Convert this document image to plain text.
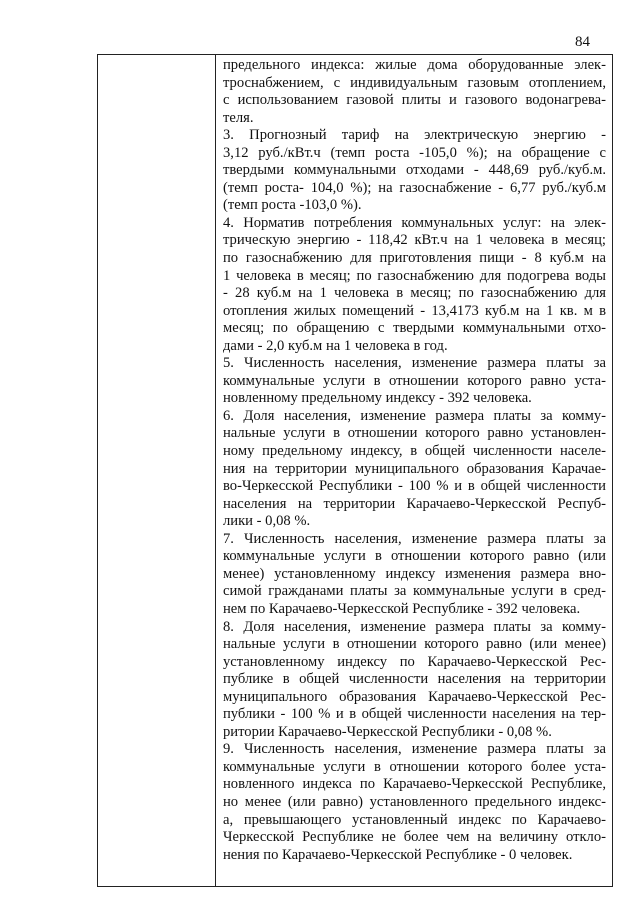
84
предельного индекса: жилые дома оборудованные элек-
троснабжением, с индивидуальным газовым отоплением,
с использованием газовой плиты и газового водонагрева-
теля.
3. Прогнозный тариф на электрическую энергию -
3,12 руб./кВт.ч (темп роста -105,0 %); на обращение с
твердыми коммунальными отходами - 448,69 руб./куб.м.
(темп роста- 104,0 %); на газоснабжение - 6,77 руб./куб.м
(темп роста -103,0 %).
4. Норматив потребления коммунальных услуг: на элек-
трическую энергию - 118,42 кВт.ч на 1 человека в месяц;
по газоснабжению для приготовления пищи - 8 куб.м на
1 человека в месяц; по газоснабжению для подогрева воды
- 28 куб.м на 1 человека в месяц; по газоснабжению для
отопления жилых помещений - 13,4173 куб.м на 1 кв. м в
месяц; по обращению с твердыми коммунальными отхо-
дами - 2,0 куб.м на 1 человека в год.
5. Численность населения, изменение размера платы за
коммунальные услуги в отношении которого равно уста-
новленному предельному индексу - 392 человека.
6. Доля населения, изменение размера платы за комму-
нальные услуги в отношении которого равно установлен-
ному предельному индексу, в общей численности населе-
ния на территории муниципального образования Карачае-
во-Черкесской Республики - 100 % и в общей численности
населения на территории Карачаево-Черкесской Респуб-
лики - 0,08 %.
7. Численность населения, изменение размера платы за
коммунальные услуги в отношении которого равно (или
менее) установленному индексу изменения размера вно-
симой гражданами платы за коммунальные услуги в сред-
нем по Карачаево-Черкесской Республике - 392 человека.
8. Доля населения, изменение размера платы за комму-
нальные услуги в отношении которого равно (или менее)
установленному индексу по Карачаево-Черкесской Рес-
публике в общей численности населения на территории
муниципального образования Карачаево-Черкесской Рес-
публики - 100 % и в общей численности населения на тер-
ритории Карачаево-Черкесской Республики - 0,08 %.
9. Численность населения, изменение размера платы за
коммунальные услуги в отношении которого более уста-
новленного индекса по Карачаево-Черкесской Республике,
но менее (или равно) установленного предельного индекс-
а, превышающего установленный индекс по Карачаево-
Черкесской Республике не более чем на величину откло-
нения по Карачаево-Черкесской Республике - 0 человек.
